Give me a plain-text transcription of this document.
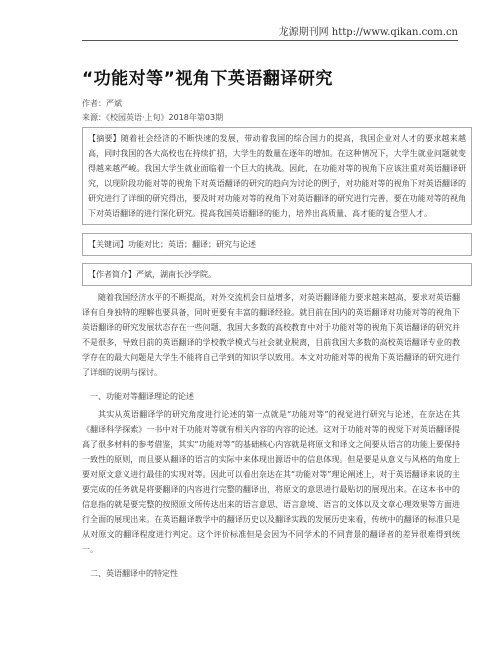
龙源期刊网 http://www.qikan.com.cn
“功能对等”视角下英语翻译研究
作者：严斌
来源：《校园英语·上旬》2018年第03期

【摘要】随着社会经济的不断快速的发展，带动着我国的综合国力的提高，我国企业对人才的要求越来越高，同时我国的各大高校也在持续扩招，大学生的数量在逐年的增加。在这种情况下，大学生就业问题就变得越来越严峻。我国大学生就业面临着一个巨大的挑战。因此，在功能对等的视角下应该注重对英语翻译研究，以现阶段功能对等的视角下对英语翻译的研究的趋向为讨论的例子，对功能对等的视角下对英语翻译的研究进行了详细的研究得出，要及时对功能对等的视角下对英语翻译的研究进行完善，要在功能对等的视角下对英语翻译的进行深化研究。提高我国英语翻译的能力，培养出高质量、高才能的复合型人才。

【关键词】功能对比；英语；翻译；研究与论述

【作者简介】严斌，湖南长沙学院。

随着我国经济水平的不断提高，对外交流机会日益增多，对英语翻译能力要求越来越高，要求对英语翻译有自身独特的理解也要具备，同时更要有丰富的翻译经验。就目前在国内的英语翻译对功能对等的视角下英语翻译的研究发展状态存在一些问题，我国大多数的高校教育中对于功能对等的视角下英语翻译的研究并不是很多，导致目前的英语翻译的学校教学模式与社会就业脱离，目前我国大多数的高校英语翻译专业的教学存在的最大问题是大学生不能将自己学到的知识学以致用。本文对功能对等的视角下英语翻译的研究进行了详细的说明与探讨。

一、功能对等翻译理论的论述

其实从英语翻译学的研究角度进行论述的第一点就是“功能对等”的视觉进行研究与论述，在奈达在其《翻译科学探索》一书中对于功能对等就有相关内容的内容的论述。这对于功能对等的视觉下对英语翻译提高了很多材料的参考借鉴，其实“功能对等”的基础核心内容就是将原文和译文之间要从语言的功能上要保持一致性的原则，而且要从翻译的语言的实际中来体现出源语中的信息体现。但是要是从意义与风格的角度上要对原文意义进行最佳的实现对等。因此可以看出奈达在其“功能对等”理论阐述上，对于英语翻译来说的主要完成的任务就是将要翻译的内容进行完整的翻译出，将原文的意思进行最贴切的展现出来。在这本书中的信息指的就是要完整的按照原文所传达出来的语言意思、语言意境、语言的文体以及文章心理效果等方面进行全面的展现出来。在英语翻译教学中的翻译历史以及翻译实践的发展历史来看，传统中的翻译的标准只是从对原文的翻译程度进行判定。这个评价标准但是会因为不同学术的不同背景的翻译者的差异很难得到统一。

二、英语翻译中的特定性
